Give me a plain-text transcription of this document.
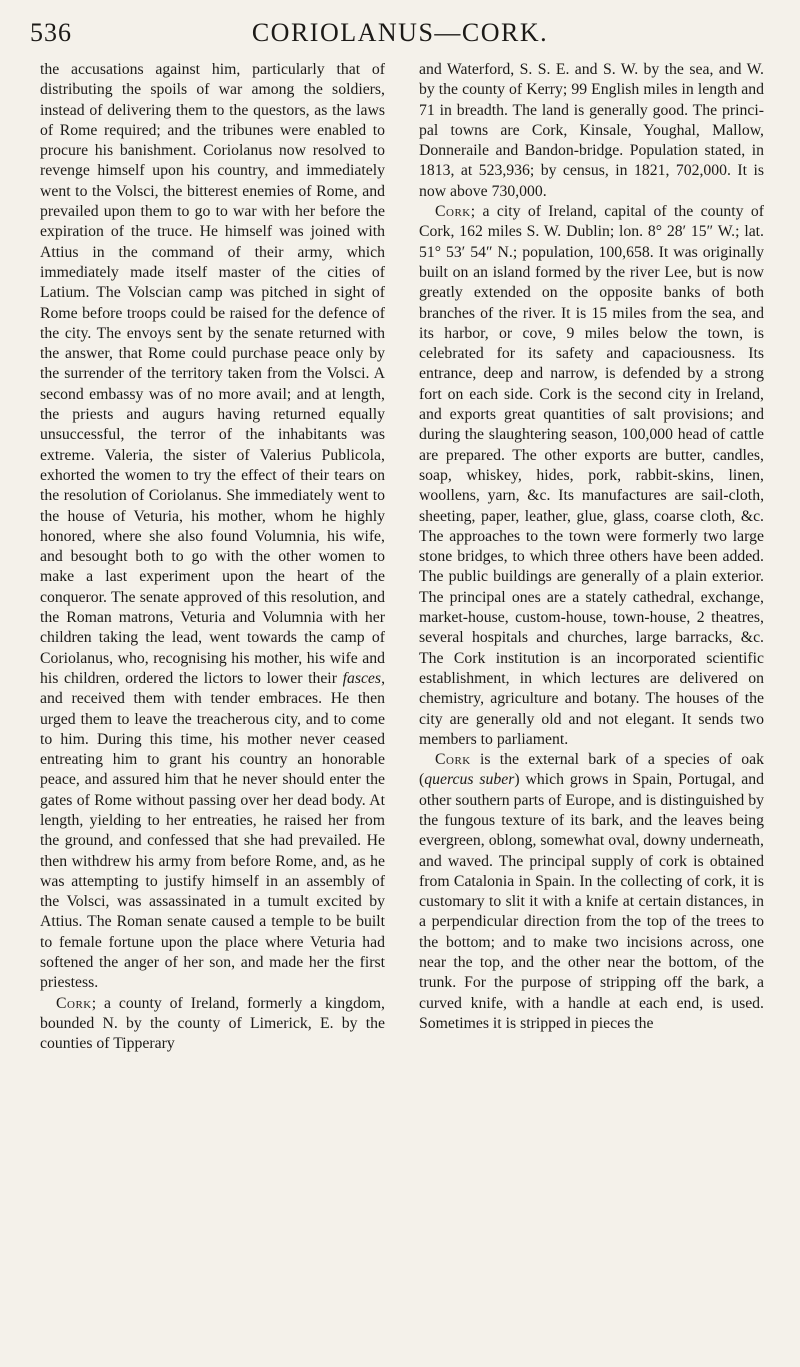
536	CORIOLANUS—CORK.

the accusations against him, particularly that of distributing the spoils of war among the soldiers, instead of delivering them to the questors, as the laws of Rome required; and the tribunes were enabled to procure his banishment. Coriolanus now resolved to revenge himself upon his country, and immediately went to the Volsci, the bitterest enemies of Rome, and prevailed upon them to go to war with her before the expiration of the truce. He himself was joined with Attius in the command of their army, which immediately made itself master of the cities of Latium. The Volscian camp was pitched in sight of Rome before troops could be raised for the defence of the city. The envoys sent by the senate returned with the answer, that Rome could purchase peace only by the surrender of the territory taken from the Volsci. A second embassy was of no more avail; and at length, the priests and augurs having returned equally unsuccessful, the terror of the inhabitants was extreme. Valeria, the sister of Valerius Publicola, exhorted the women to try the effect of their tears on the resolution of Coriolanus. She immediately went to the house of Veturia, his mother, whom he highly honored, where she also found Volumnia, his wife, and besought both to go with the other women to make a last experiment upon the heart of the conqueror. The senate approved of this resolution, and the Roman matrons, Veturia and Volumnia with her children taking the lead, went towards the camp of Coriolanus, who, recognising his mother, his wife and his children, ordered the lictors to lower their fasces, and received them with tender embraces. He then urged them to leave the treacherous city, and to come to him. During this time, his mother never ceased entreating him to grant his country an honorable peace, and assured him that he never should enter the gates of Rome without passing over her dead body. At length, yielding to her entreaties, he raised her from the ground, and confessed that she had prevailed. He then withdrew his army from before Rome, and, as he was attempting to justify himself in an assembly of the Volsci, was assassinated in a tumult excited by Attius. The Roman senate caused a temple to be built to female fortune upon the place where Veturia had softened the anger of her son, and made her the first priestess.

Cork; a county of Ireland, formerly a kingdom, bounded N. by the county of Limerick, E. by the counties of Tipperary

and Waterford, S. S. E. and S. W. by the sea, and W. by the county of Kerry; 99 English miles in length and 71 in breadth. The land is generally good. The principal towns are Cork, Kinsale, Youghal, Mallow, Donneraile and Bandon-bridge. Population stated, in 1813, at 523,936; by census, in 1821, 702,000. It is now above 730,000.

Cork; a city of Ireland, capital of the county of Cork, 162 miles S. W. Dublin; lon. 8° 28′ 15″ W.; lat. 51° 53′ 54″ N.; population, 100,658. It was originally built on an island formed by the river Lee, but is now greatly extended on the opposite banks of both branches of the river. It is 15 miles from the sea, and its harbor, or cove, 9 miles below the town, is celebrated for its safety and capaciousness. Its entrance, deep and narrow, is defended by a strong fort on each side. Cork is the second city in Ireland, and exports great quantities of salt provisions; and during the slaughtering season, 100,000 head of cattle are prepared. The other exports are butter, candles, soap, whiskey, hides, pork, rabbit-skins, linen, woollens, yarn, &c. Its manufactures are sail-cloth, sheeting, paper, leather, glue, glass, coarse cloth, &c. The approaches to the town were formerly two large stone bridges, to which three others have been added. The public buildings are generally of a plain exterior. The principal ones are a stately cathedral, exchange, market-house, custom-house, town-house, 2 theatres, several hospitals and churches, large barracks, &c. The Cork institution is an incorporated scientific establishment, in which lectures are delivered on chemistry, agriculture and botany. The houses of the city are generally old and not elegant. It sends two members to parliament.

Cork is the external bark of a species of oak (quercus suber) which grows in Spain, Portugal, and other southern parts of Europe, and is distinguished by the fungous texture of its bark, and the leaves being evergreen, oblong, somewhat oval, downy underneath, and waved. The principal supply of cork is obtained from Catalonia in Spain. In the collecting of cork, it is customary to slit it with a knife at certain distances, in a perpendicular direction from the top of the trees to the bottom; and to make two incisions across, one near the top, and the other near the bottom, of the trunk. For the purpose of stripping off the bark, a curved knife, with a handle at each end, is used. Sometimes it is stripped in pieces the
